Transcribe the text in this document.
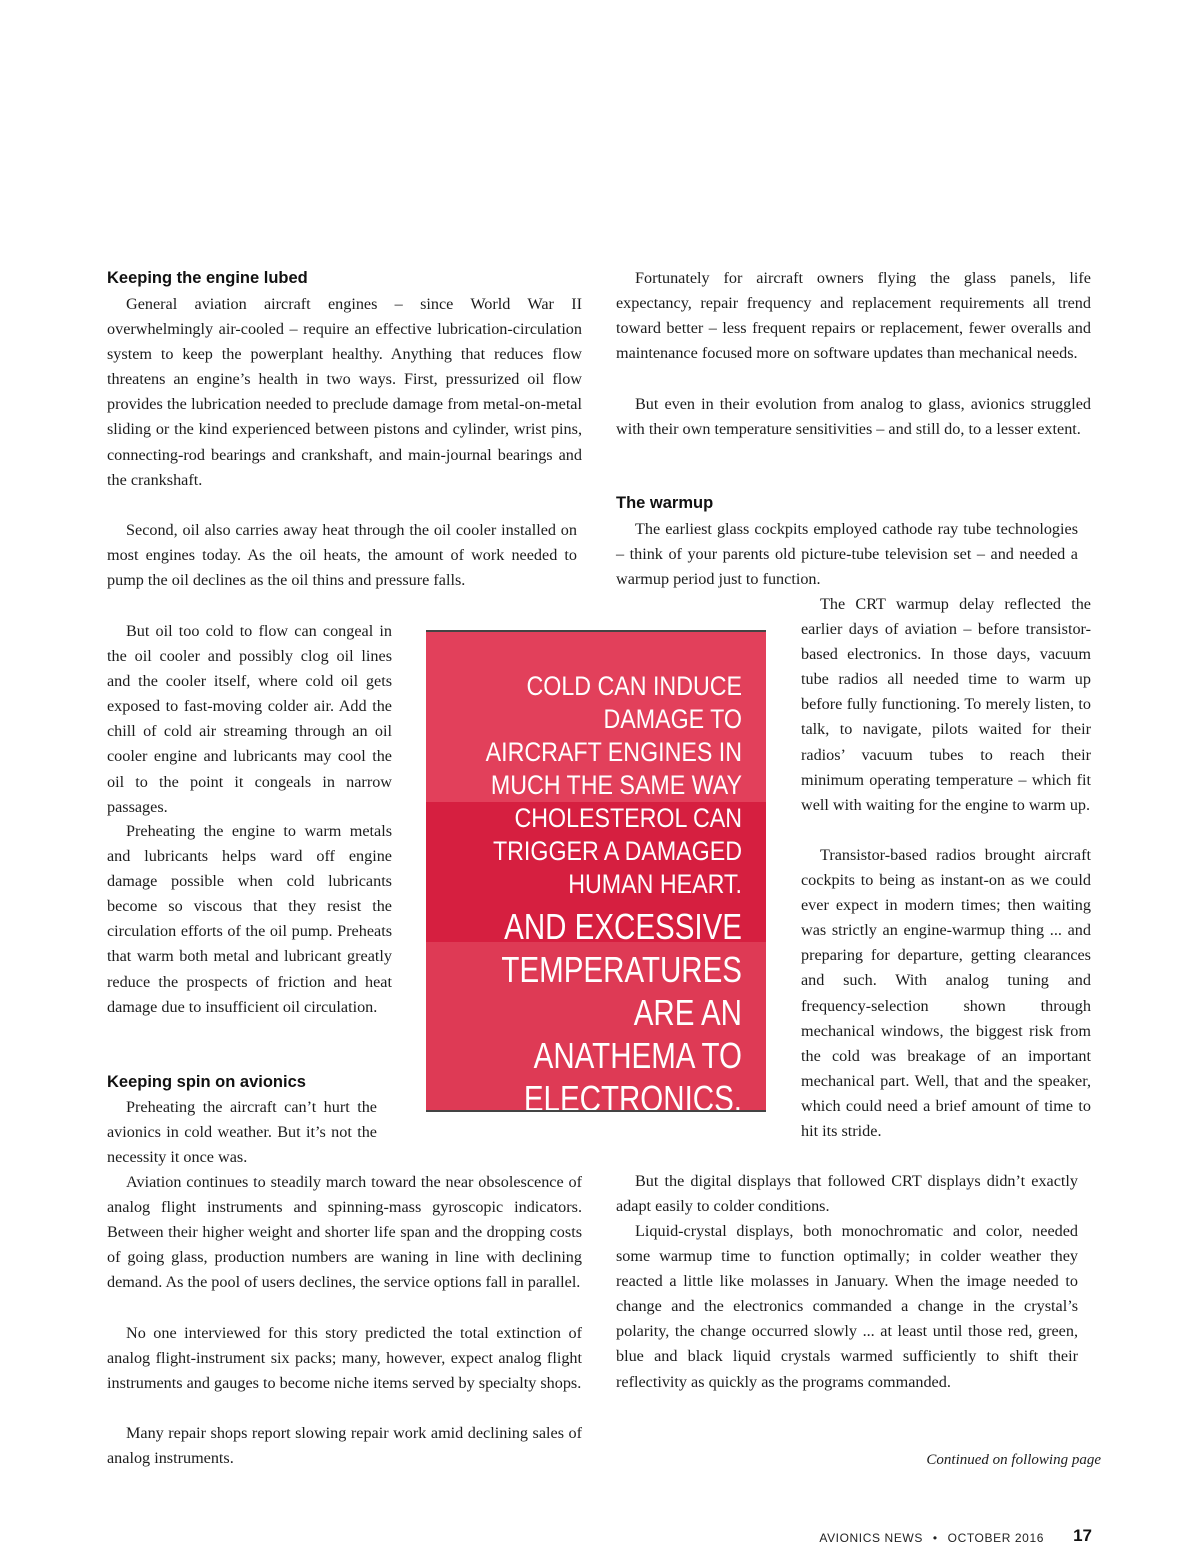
Keeping the engine lubed

General aviation aircraft engines – since World War II overwhelmingly air-cooled – require an effective lubrication-circulation system to keep the powerplant healthy. Anything that reduces flow threatens an engine’s health in two ways. First, pressurized oil flow provides the lubrication needed to preclude damage from metal-on-metal sliding or the kind experienced between pistons and cylinder, wrist pins, connecting-rod bearings and crankshaft, and main-journal bearings and the crankshaft.

Second, oil also carries away heat through the oil cooler installed on most engines today. As the oil heats, the amount of work needed to pump the oil declines as the oil thins and pressure falls.

But oil too cold to flow can congeal in the oil cooler and possibly clog oil lines and the cooler itself, where cold oil gets exposed to fast-moving colder air. Add the chill of cold air streaming through an oil cooler engine and lubricants may cool the oil to the point it congeals in narrow passages.

Preheating the engine to warm metals and lubricants helps ward off engine damage possible when cold lubricants become so viscous that they resist the circulation efforts of the oil pump. Preheats that warm both metal and lubricant greatly reduce the prospects of friction and heat damage due to insufficient oil circulation.

Keeping spin on avionics

Preheating the aircraft can’t hurt the avionics in cold weather. But it’s not the necessity it once was.

Aviation continues to steadily march toward the near obsolescence of analog flight instruments and spinning-mass gyroscopic indicators. Between their higher weight and shorter life span and the dropping costs of going glass, production numbers are waning in line with declining demand. As the pool of users declines, the service options fall in parallel.

No one interviewed for this story predicted the total extinction of analog flight-instrument six packs; many, however, expect analog flight instruments and gauges to become niche items served by specialty shops.

Many repair shops report slowing repair work amid declining sales of analog instruments.

Fortunately for aircraft owners flying the glass panels, life expectancy, repair frequency and replacement requirements all trend toward better – less frequent repairs or replacement, fewer overalls and maintenance focused more on software updates than mechanical needs.

But even in their evolution from analog to glass, avionics struggled with their own temperature sensitivities – and still do, to a lesser extent.

The warmup

The earliest glass cockpits employed cathode ray tube technologies – think of your parents old picture-tube television set – and needed a warmup period just to function.

The CRT warmup delay reflected the earlier days of aviation – before transistor-based electronics. In those days, vacuum tube radios all needed time to warm up before fully functioning. To merely listen, to talk, to navigate, pilots waited for their radios’ vacuum tubes to reach their minimum operating temperature – which fit well with waiting for the engine to warm up.

Transistor-based radios brought aircraft cockpits to being as instant-on as we could ever expect in modern times; then waiting was strictly an engine-warmup thing ... and preparing for departure, getting clearances and such. With analog tuning and frequency-selection shown through mechanical windows, the biggest risk from the cold was breakage of an important mechanical part. Well, that and the speaker, which could need a brief amount of time to hit its stride.

But the digital displays that followed CRT displays didn’t exactly adapt easily to colder conditions.

Liquid-crystal displays, both monochromatic and color, needed some warmup time to function optimally; in colder weather they reacted a little like molasses in January. When the image needed to change and the electronics commanded a change in the crystal’s polarity, the change occurred slowly ... at least until those red, green, blue and black liquid crystals warmed sufficiently to shift their reflectivity as quickly as the programs commanded.

COLD CAN INDUCE DAMAGE TO AIRCRAFT ENGINES IN MUCH THE SAME WAY CHOLESTEROL CAN TRIGGER A DAMAGED HUMAN HEART.

AND EXCESSIVE TEMPERATURES ARE AN ANATHEMA TO ELECTRONICS.

Continued on following page

AVIONICS NEWS • OCTOBER 2016 17
